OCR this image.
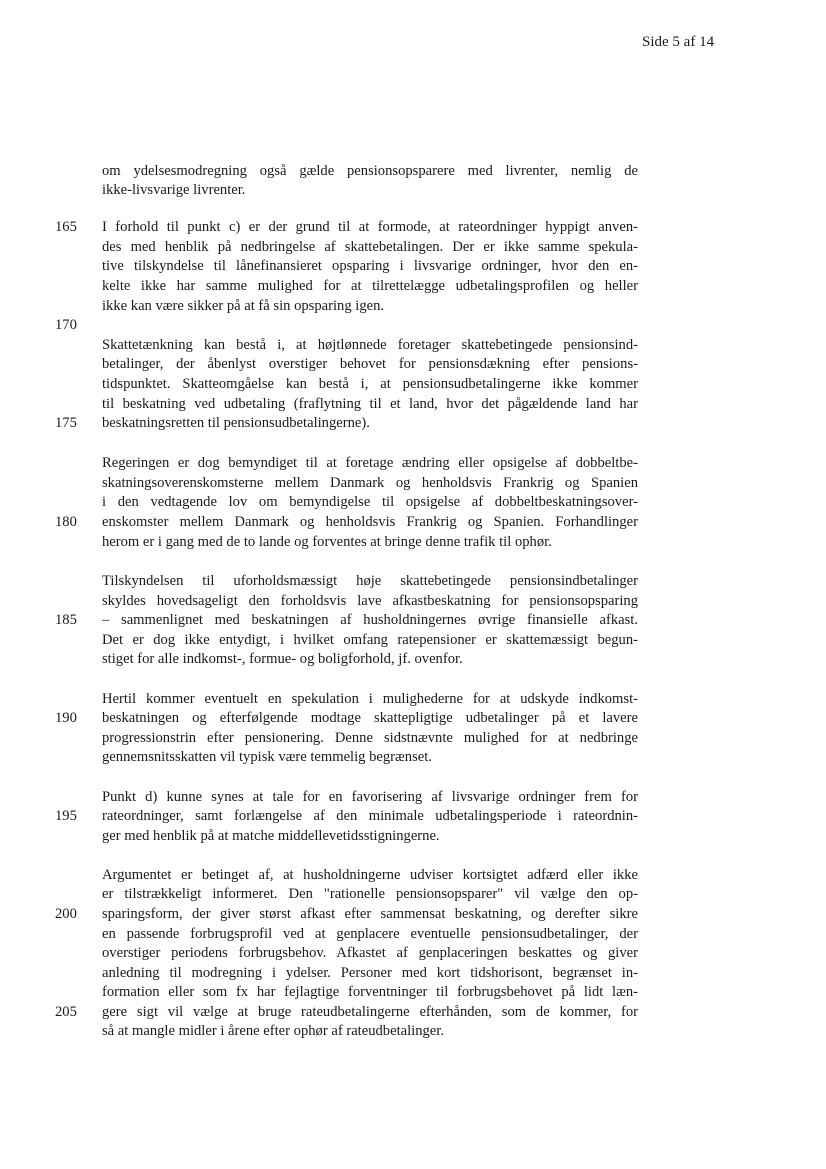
Side 5 af 14
om ydelsesmodregning også gælde pensionsopsparere med livrenter, nemlig de
ikke-livsvarige livrenter.
I forhold til punkt c) er der grund til at formode, at rateordninger hyppigt anven-
des med henblik på nedbringelse af skattebetalingen. Der er ikke samme spekula-
tive tilskyndelse til lånefinansieret opsparing i livsvarige ordninger, hvor den en-
kelte ikke har samme mulighed for at tilrettelægge udbetalingsprofilen og heller
ikke kan være sikker på at få sin opsparing igen.
Skattetænkning kan bestå i, at højtlønnede foretager skattebetingede pensionsind-
betalinger, der åbenlyst overstiger behovet for pensionsdækning efter pensions-
tidspunktet. Skatteomgåelse kan bestå i, at pensionsudbetalingerne ikke kommer
til beskatning ved udbetaling (fraflytning til et land, hvor det pågældende land har
beskatningsretten til pensionsudbetalingerne).
Regeringen er dog bemyndiget til at foretage ændring eller opsigelse af dobbeltbe-
skatningsoverenskomsterne mellem Danmark og henholdsvis Frankrig og Spanien
i den vedtagende lov om bemyndigelse til opsigelse af dobbeltbeskatningsover-
enskomster mellem Danmark og henholdsvis Frankrig og Spanien. Forhandlinger
herom er i gang med de to lande og forventes at bringe denne trafik til ophør.
Tilskyndelsen til uforholdsmæssigt høje skattebetingede pensionsindbetalinger
skyldes hovedsageligt den forholdsvis lave afkastbeskatning for pensionsopsparing
– sammenlignet med beskatningen af husholdningernes øvrige finansielle afkast.
Det er dog ikke entydigt, i hvilket omfang ratepensioner er skattemæssigt begun-
stiget for alle indkomst-, formue- og boligforhold, jf. ovenfor.
Hertil kommer eventuelt en spekulation i mulighederne for at udskyde indkomst-
beskatningen og efterfølgende modtage skattepligtige udbetalinger på et lavere
progressionstrin efter pensionering. Denne sidstnævnte mulighed for at nedbringe
gennemsnitsskatten vil typisk være temmelig begrænset.
Punkt d) kunne synes at tale for en favorisering af livsvarige ordninger frem for
rateordninger, samt forlængelse af den minimale udbetalingsperiode i rateordnin-
ger med henblik på at matche middellevetidsstigningerne.
Argumentet er betinget af, at husholdningerne udviser kortsigtet adfærd eller ikke
er tilstrækkeligt informeret. Den "rationelle pensionsopsparer" vil vælge den op-
sparingsform, der giver størst afkast efter sammensat beskatning, og derefter sikre
en passende forbrugsprofil ved at genplacere eventuelle pensionsudbetalinger, der
overstiger periodens forbrugsbehov. Afkastet af genplaceringen beskattes og giver
anledning til modregning i ydelser. Personer med kort tidshorisont, begrænset in-
formation eller som fx har fejlagtige forventninger til forbrugsbehovet på lidt læn-
gere sigt vil vælge at bruge rateudbetalingerne efterhånden, som de kommer, for
så at mangle midler i årene efter ophør af rateudbetalinger.
165
170
175
180
185
190
195
200
205
